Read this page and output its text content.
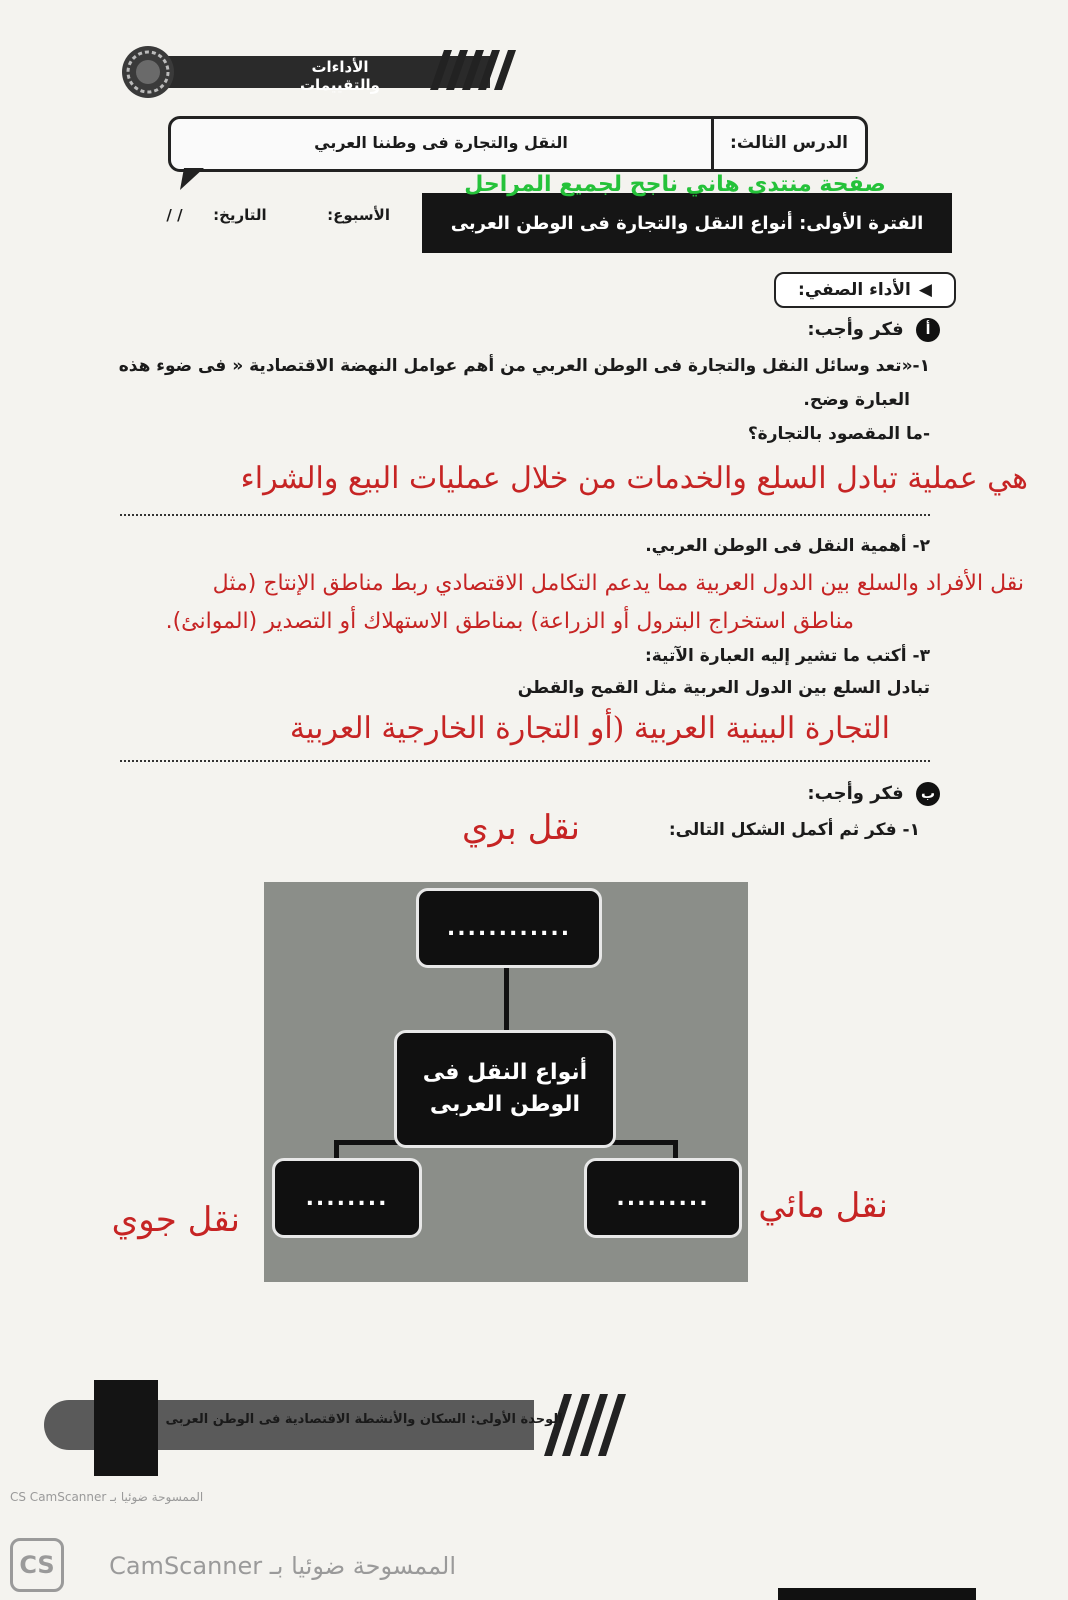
الأداءات والتقييمات
الدرس الثالث:
النقل والتجارة فى وطننا العربي
الفترة الأولى: أنواع النقل والتجارة فى الوطن العربى
صفحة منتدى هاني ناجح لجميع المراحل
الأسبوع:  التاريخ:  / /
◀
الأداء الصفي:
أ فكر وأجب:
١-«تعد وسائل النقل والتجارة فى الوطن العربي من أهم عوامل النهضة الاقتصادية « فى ضوء هذه
العبارة وضح.
-ما المقصود بالتجارة؟
هي عملية تبادل السلع والخدمات من خلال عمليات البيع والشراء
٢- أهمية النقل فى الوطن العربي.
نقل الأفراد والسلع بين الدول العربية مما يدعم التكامل الاقتصادي ربط مناطق الإنتاج (مثل
مناطق استخراج البترول أو الزراعة) بمناطق الاستهلاك أو التصدير (الموانئ).
٣- أكتب ما تشير إليه العبارة الآتية:
تبادل السلع بين الدول العربية مثل القمح والقطن
التجارة البينية العربية (أو التجارة الخارجية العربية
ب فكر وأجب:
١- فكر ثم أكمل الشكل التالى:
نقل بري
............
أنواع النقل فى الوطن العربى
........	.........
نقل جوي	نقل مائي
الوحدة الأولى: السكان والأنشطة الاقتصادية فى الوطن العربى
CS CamScanner الممسوحة ضوئيا بـ
CS	الممسوحة ضوئيا بـ CamScanner
